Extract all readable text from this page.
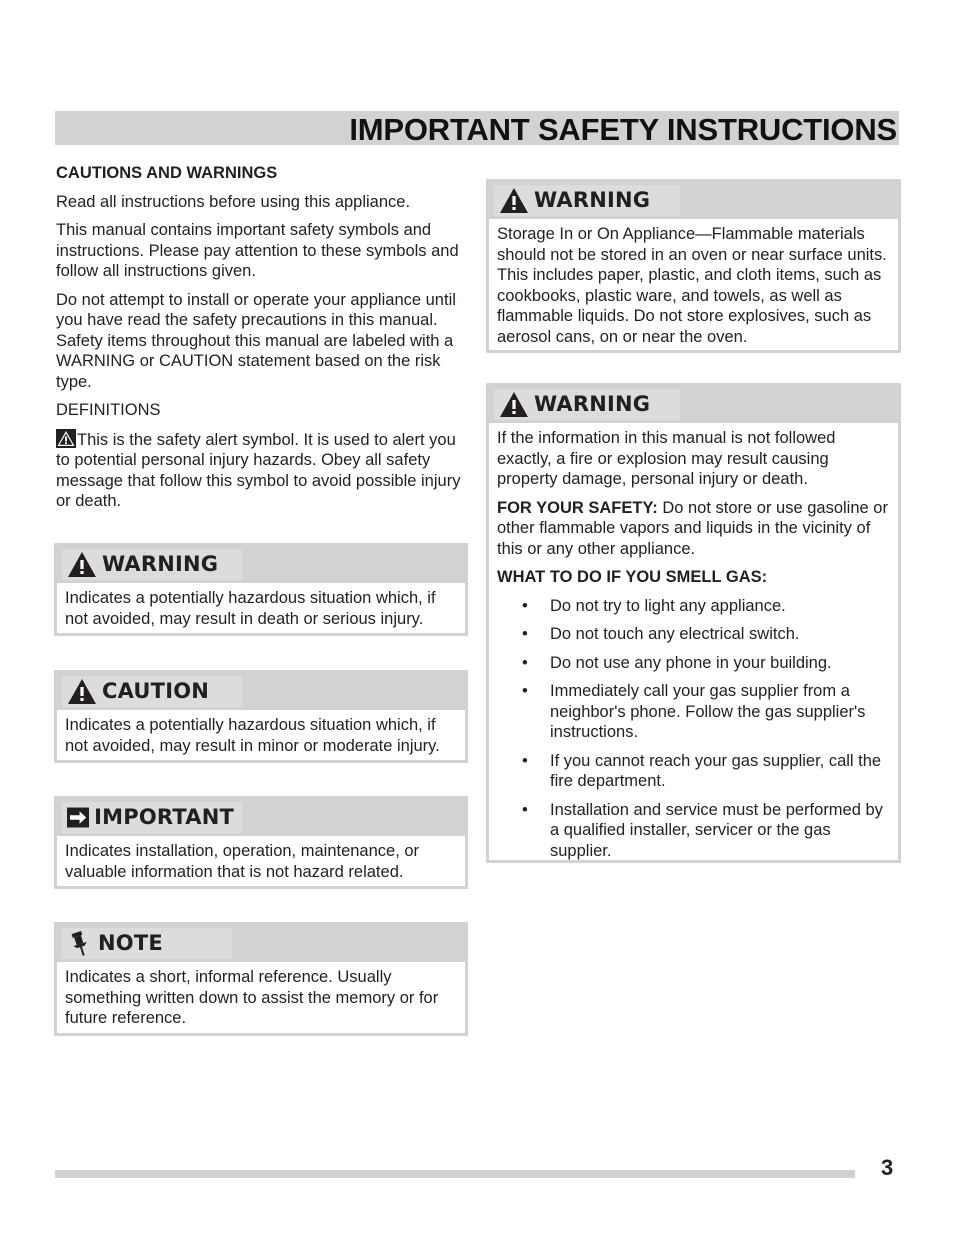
IMPORTANT SAFETY INSTRUCTIONS

CAUTIONS AND WARNINGS

Read all instructions before using this appliance.

This manual contains important safety symbols and instructions. Please pay attention to these symbols and follow all instructions given.

Do not attempt to install or operate your appliance until you have read the safety precautions in this manual. Safety items throughout this manual are labeled with a WARNING or CAUTION statement based on the risk type.

DEFINITIONS

This is the safety alert symbol. It is used to alert you to potential personal injury hazards. Obey all safety message that follow this symbol to avoid possible injury or death.

WARNING

Indicates a potentially hazardous situation which, if not avoided, may result in death or serious injury.

CAUTION

Indicates a potentially hazardous situation which, if not avoided, may result in minor or moderate injury.

IMPORTANT

Indicates installation, operation, maintenance, or valuable information that is not hazard related.

NOTE

Indicates a short, informal reference. Usually something written down to assist the memory or for future reference.

WARNING

Storage In or On Appliance—Flammable materials should not be stored in an oven or near surface units. This includes paper, plastic, and cloth items, such as cookbooks, plastic ware, and towels, as well as flammable liquids. Do not store explosives, such as aerosol cans, on or near the oven.

WARNING

If the information in this manual is not followed exactly, a fire or explosion may result causing property damage, personal injury or death.

FOR YOUR SAFETY: Do not store or use gasoline or other flammable vapors and liquids in the vicinity of this or any other appliance.

WHAT TO DO IF YOU SMELL GAS:

• Do not try to light any appliance.
• Do not touch any electrical switch.
• Do not use any phone in your building.
• Immediately call your gas supplier from a neighbor's phone. Follow the gas supplier's instructions.
• If you cannot reach your gas supplier, call the fire department.
• Installation and service must be performed by a qualified installer, servicer or the gas supplier.
3
